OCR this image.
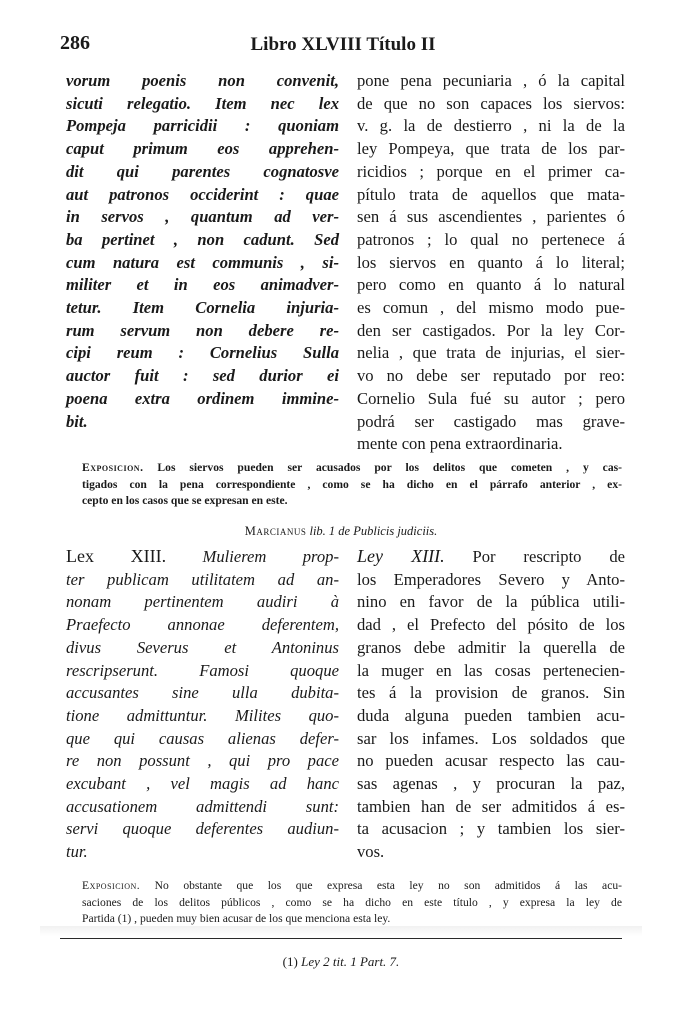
286	Libro XLVIII Título II
vorum poenis non convenit,
sicuti relegatio. Item nec lex
Pompeja parricidii : quoniam
caput primum eos apprehen-
dit qui parentes cognatosve
aut patronos occiderint : quae
in servos , quantum ad ver-
ba pertinet , non cadunt. Sed
cum natura est communis , si-
militer et in eos animadver-
tetur. Item Cornelia injuria-
rum servum non debere re-
cipi reum : Cornelius Sulla
auctor fuit : sed durior ei
poena extra ordinem immine-
bit.
pone pena pecuniaria , ó la capital
de que no son capaces los siervos:
v. g. la de destierro , ni la de la
ley Pompeya, que trata de los par-
ricidios ; porque en el primer ca-
pítulo trata de aquellos que mata-
sen á sus ascendientes , parientes ó
patronos ; lo qual no pertenece á
los siervos en quanto á lo literal;
pero como en quanto á lo natural
es comun , del mismo modo pue-
den ser castigados. Por la ley Cor-
nelia , que trata de injurias, el sier-
vo no debe ser reputado por reo:
Cornelio Sula fué su autor ; pero
podrá ser castigado mas grave-
mente con pena extraordinaria.
Exposicion. Los siervos pueden ser acusados por los delitos que cometen , y cas-
tigados con la pena correspondiente , como se ha dicho en el párrafo anterior , ex-
cepto en los casos que se expresan en este.
Marcianus lib. 1 de Publicis judiciis.
Lex XIII. Mulierem prop-
ter publicam utilitatem ad an-
nonam pertinentem audiri à
Praefecto annonae deferentem,
divus Severus et Antoninus
rescripserunt. Famosi quoque
accusantes sine ulla dubita-
tione admittuntur. Milites quo-
que qui causas alienas defer-
re non possunt , qui pro pace
excubant , vel magis ad hanc
accusationem admittendi sunt:
servi quoque deferentes audiun-
tur.
Ley XIII. Por rescripto de
los Emperadores Severo y Anto-
nino en favor de la pública utili-
dad , el Prefecto del pósito de los
granos debe admitir la querella de
la muger en las cosas pertenecien-
tes á la provision de granos. Sin
duda alguna pueden tambien acu-
sar los infames. Los soldados que
no pueden acusar respecto las cau-
sas agenas , y procuran la paz,
tambien han de ser admitidos á es-
ta acusacion ; y tambien los sier-
vos.
Exposicion. No obstante que los que expresa esta ley no son admitidos á las acu-
saciones de los delitos públicos , como se ha dicho en este título , y expresa la ley de
Partida (1) , pueden muy bien acusar de los que menciona esta ley.
(1) Ley 2 tit. 1 Part. 7.
